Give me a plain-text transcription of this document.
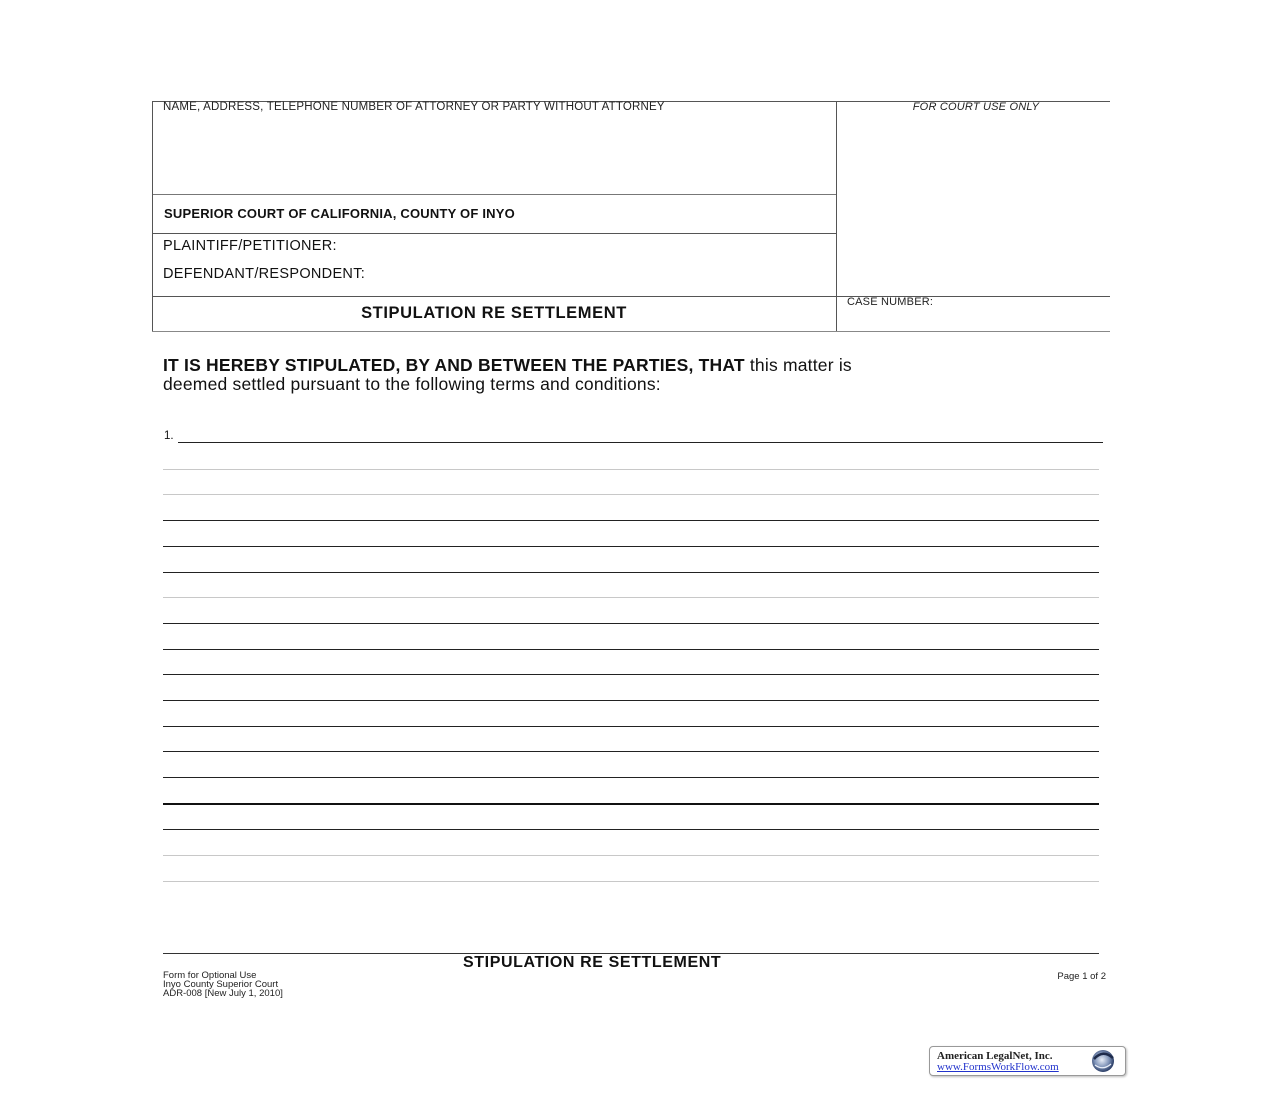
NAME, ADDRESS, TELEPHONE NUMBER OF ATTORNEY OR PARTY WITHOUT ATTORNEY	FOR COURT USE ONLY
SUPERIOR COURT OF CALIFORNIA, COUNTY OF INYO
PLAINTIFF/PETITIONER:
DEFENDANT/RESPONDENT:
STIPULATION RE SETTLEMENT
CASE NUMBER:
IT IS HEREBY STIPULATED, BY AND BETWEEN THE PARTIES, THAT this matter is
deemed settled pursuant to the following terms and conditions:
1.
STIPULATION RE SETTLEMENT
Form for Optional Use
Inyo County Superior Court
ADR-008 [New July 1, 2010]
Page 1 of 2
American LegalNet, Inc.
www.FormsWorkFlow.com
